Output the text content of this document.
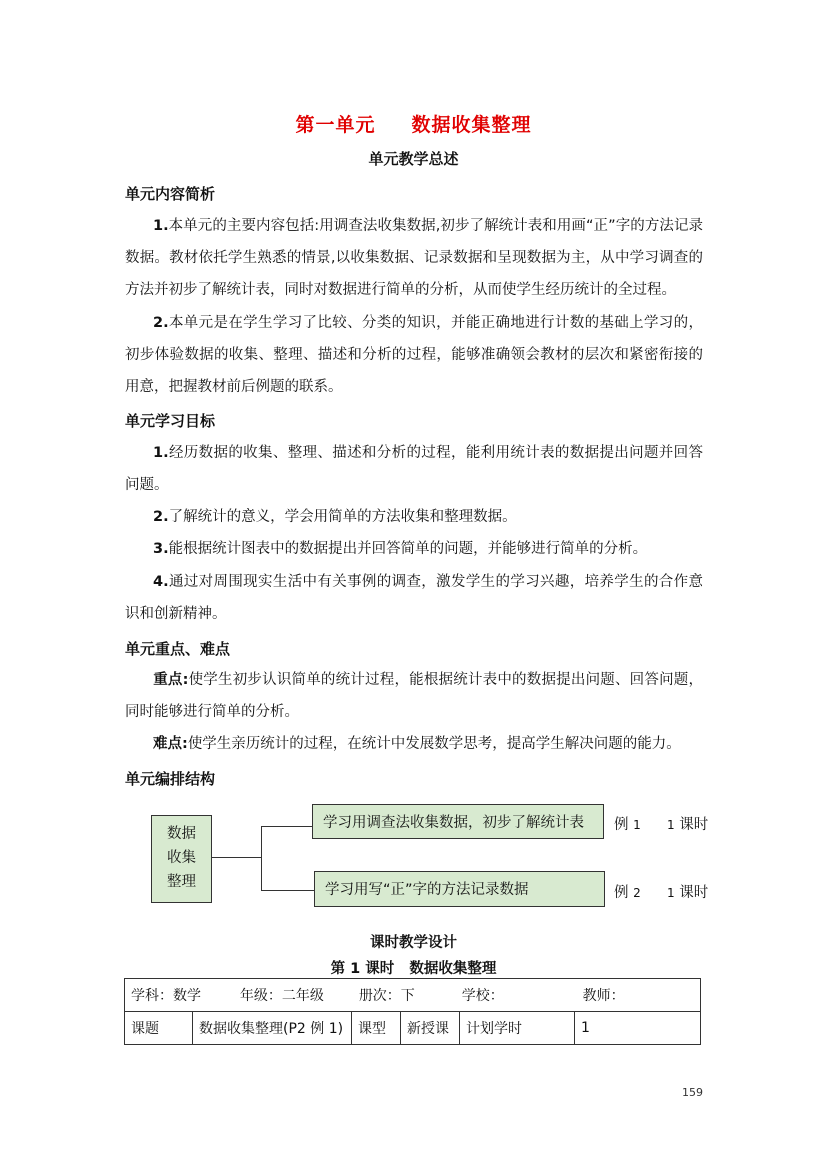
第一单元 数据收集整理
单元教学总述
单元内容简析
1.本单元的主要内容包括:用调查法收集数据,初步了解统计表和用画“正”字的方法记录数据。教材依托学生熟悉的情景,以收集数据、记录数据和呈现数据为主，从中学习调查的方法并初步了解统计表，同时对数据进行简单的分析，从而使学生经历统计的全过程。
2.本单元是在学生学习了比较、分类的知识，并能正确地进行计数的基础上学习的，初步体验数据的收集、整理、描述和分析的过程，能够准确领会教材的层次和紧密衔接的用意，把握教材前后例题的联系。
单元学习目标
1.经历数据的收集、整理、描述和分析的过程，能利用统计表的数据提出问题并回答问题。
2.了解统计的意义，学会用简单的方法收集和整理数据。
3.能根据统计图表中的数据提出并回答简单的问题，并能够进行简单的分析。
4.通过对周围现实生活中有关事例的调查，激发学生的学习兴趣，培养学生的合作意识和创新精神。
单元重点、难点
重点:使学生初步认识简单的统计过程，能根据统计表中的数据提出问题、回答问题，同时能够进行简单的分析。
难点:使学生亲历统计的过程，在统计中发展数学思考，提高学生解决问题的能力。
单元编排结构
数据
收集
整理
学习用调查法收集数据，初步了解统计表	例 1 1 课时
学习用写“正”字的方法记录数据	例 2 1 课时
课时教学设计
第 1 课时 数据收集整理
学科：数学	年级：二年级 册次：下	学校：	教师：
课题	数据收集整理(P2 例 1)	课型	新授课	计划学时	1
159
